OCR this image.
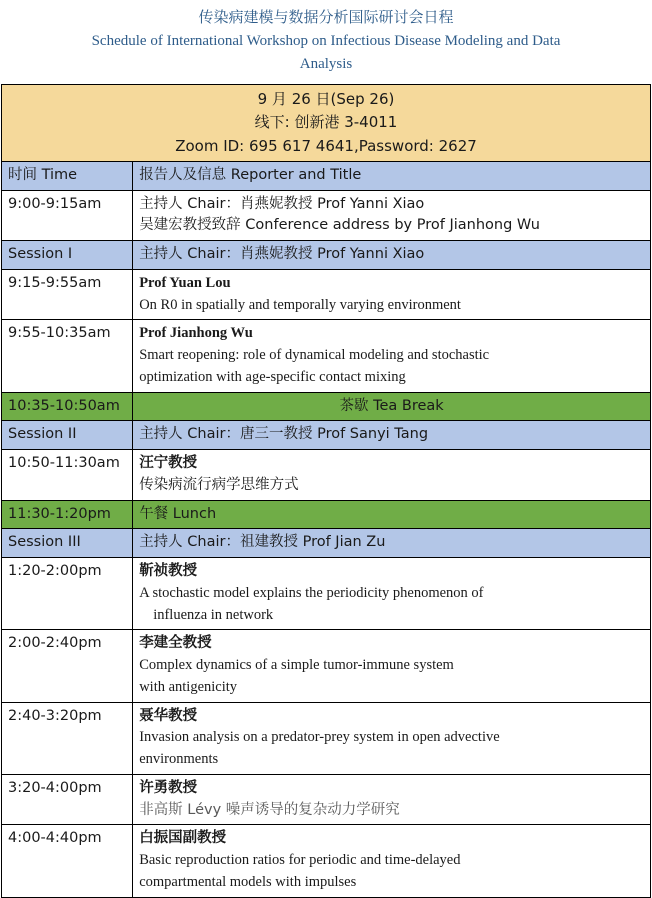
传染病建模与数据分析国际研讨会日程
Schedule of International Workshop on Infectious Disease Modeling and Data
Analysis
9 月 26 日(Sep 26)
线下: 创新港 3-4011
Zoom ID: 695 617 4641,Password: 2627	

时间 Time	报告人及信息 Reporter and Title
9:00-9:15am	主持人 Chair：肖燕妮教授 Prof Yanni Xiao
吴建宏教授致辞 Conference address by Prof Jianhong Wu

Session I	主持人 Chair：肖燕妮教授 Prof Yanni Xiao

9:15-9:55am	Prof Yuan Lou
On R0 in spatially and temporally varying environment

9:55-10:35am	Prof Jianhong Wu
Smart reopening: role of dynamical modeling and stochastic
optimization with age-specific contact mixing

10:35-10:50am	茶歇 Tea Break

Session II	主持人 Chair：唐三一教授 Prof Sanyi Tang

10:50-11:30am	汪宁教授
传染病流行病学思维方式

11:30-1:20pm	午餐 Lunch

Session III	主持人 Chair：祖建教授 Prof Jian Zu

1:20-2:00pm	靳祯教授
A stochastic model explains the periodicity phenomenon of
influenza in network

2:00-2:40pm	李建全教授
Complex dynamics of a simple tumor-immune system
with antigenicity

2:40-3:20pm	聂华教授
Invasion analysis on a predator-prey system in open advective
environments

3:20-4:00pm	许勇教授
非高斯 Lévy 噪声诱导的复杂动力学研究

4:00-4:40pm	白振国副教授
Basic reproduction ratios for periodic and time-delayed
compartmental models with impulses
